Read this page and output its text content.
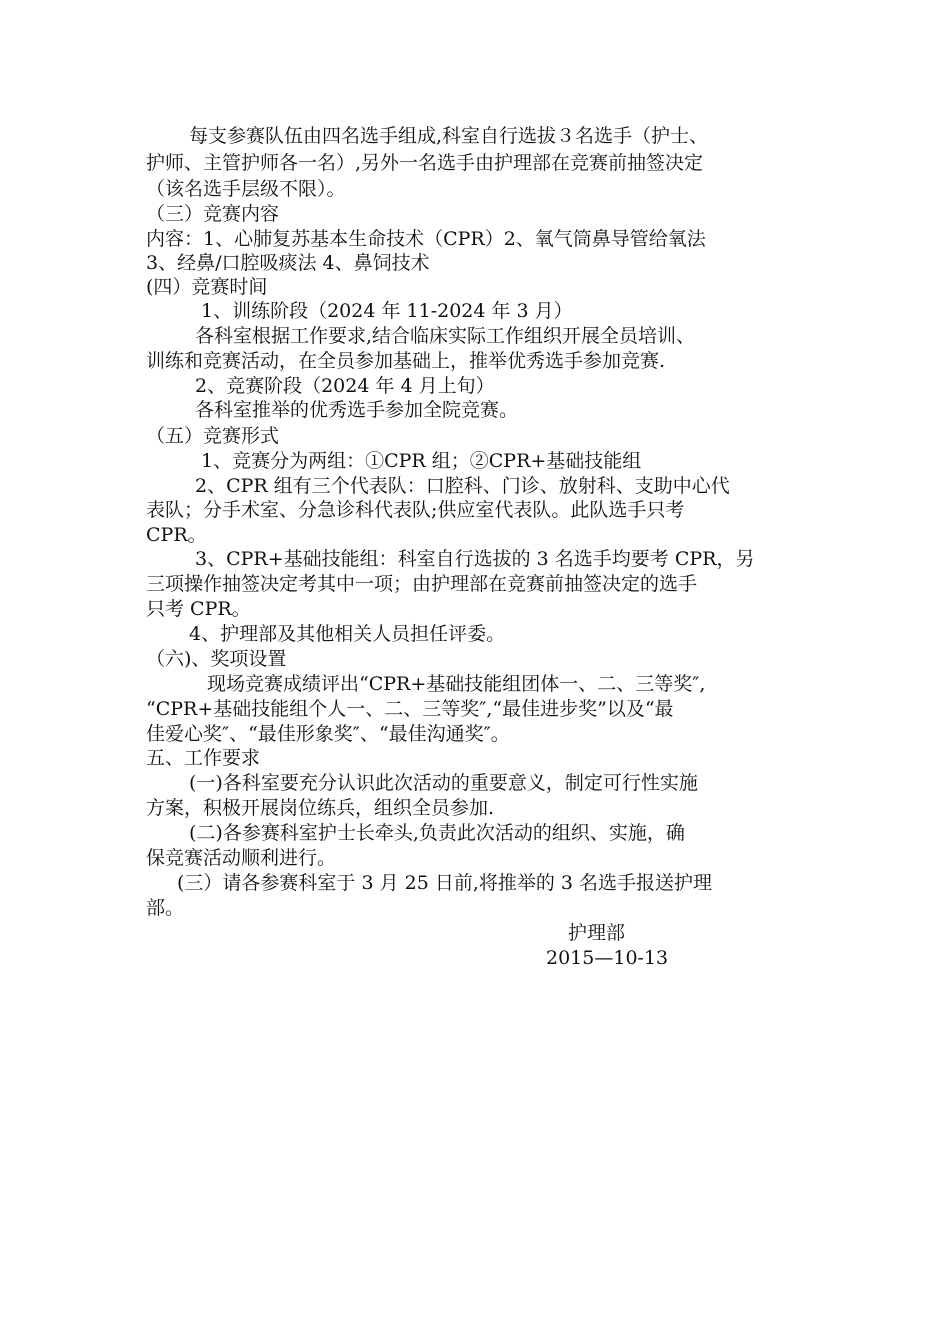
每支参赛队伍由四名选手组成,科室自行选拔３名选手（护士、

护师、主管护师各一名）,另外一名选手由护理部在竞赛前抽签决定

（该名选手层级不限）。

（三）竞赛内容

内容：1、心肺复苏基本生命技术（CPR）2、氧气筒鼻导管给氧法

3、经鼻/口腔吸痰法 4、鼻饲技术

(四）竞赛时间

1、训练阶段（2024 年 11-2024 年 3 月）

各科室根据工作要求,结合临床实际工作组织开展全员培训、

训练和竞赛活动，在全员参加基础上，推举优秀选手参加竞赛.

2、竞赛阶段（2024 年 4 月上旬）

各科室推举的优秀选手参加全院竞赛。

（五）竞赛形式

1、竞赛分为两组：①CPR 组；②CPR+基础技能组

2、CPR 组有三个代表队：口腔科、门诊、放射科、支助中心代

表队；分手术室、分急诊科代表队;供应室代表队。此队选手只考

CPR。

3、CPR+基础技能组：科室自行选拔的 3 名选手均要考 CPR，另

三项操作抽签决定考其中一项；由护理部在竞赛前抽签决定的选手

只考 CPR。

4、护理部及其他相关人员担任评委。

（六)、奖项设置

现场竞赛成绩评出“CPR+基础技能组团体一、二、三等奖″,

“CPR+基础技能组个人一、二、三等奖″,“最佳进步奖”以及“最

佳爱心奖″、“最佳形象奖″、“最佳沟通奖″。

五、工作要求

(一)各科室要充分认识此次活动的重要意义，制定可行性实施

方案，积极开展岗位练兵，组织全员参加.

(二)各参赛科室护士长牵头,负责此次活动的组织、实施，确

保竞赛活动顺利进行。

(三）请各参赛科室于 3 月 25 日前,将推举的 3 名选手报送护理

部。

护理部

2015—10-13
